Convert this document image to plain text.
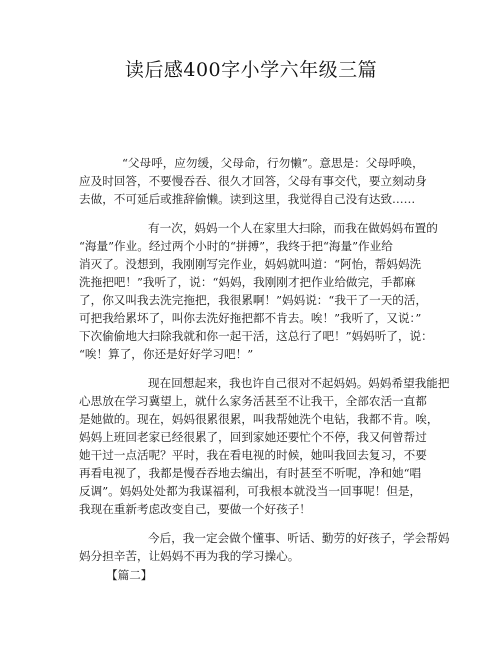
读后感400字小学六年级三篇
“父母呼，应勿缓，父母命，行勿懒”。意思是：父母呼唤，
应及时回答，不要慢吞吞、很久才回答，父母有事交代，要立刻动身
去做，不可延后或推辞偷懒。读到这里，我觉得自己没有达致……
有一次，妈妈一个人在家里大扫除，而我在做妈妈布置的
“海量”作业。经过两个小时的“拼搏”，我终于把“海量”作业给
消灭了。没想到，我刚刚写完作业，妈妈就叫道：“阿怡，帮妈妈洗
洗拖把吧！”我听了，说：“妈妈，我刚刚才把作业给做完，手都麻
了，你又叫我去洗完拖把，我很累啊！”妈妈说：“我干了一天的活，
可把我给累坏了，叫你去洗好拖把都不肯去。唉！”我听了，又说：”
下次偷偷地大扫除我就和你一起干活，这总行了吧！”妈妈听了，说：
“唉！算了，你还是好好学习吧！”
现在回想起来，我也许自己很对不起妈妈。妈妈希望我能把
心思放在学习冀望上，就什么家务活甚至不让我干，全部农活一直都
是她做的。现在，妈妈很累很累，叫我帮她洗个电钻，我都不肯。唉，
妈妈上班回老家已经很累了，回到家她还要忙个不停，我又何曾帮过
她干过一点活呢？平时，我在看电视的时候，她叫我回去复习，不要
再看电视了，我都是慢吞吞地去编出，有时甚至不听呢，净和她“唱
反调”。妈妈处处都为我谋福利，可我根本就没当一回事呢！但是，
我现在重新考虑改变自己，要做一个好孩子！
今后，我一定会做个懂事、听话、勤劳的好孩子，学会帮妈
妈分担辛苦，让妈妈不再为我的学习操心。
【篇二】
